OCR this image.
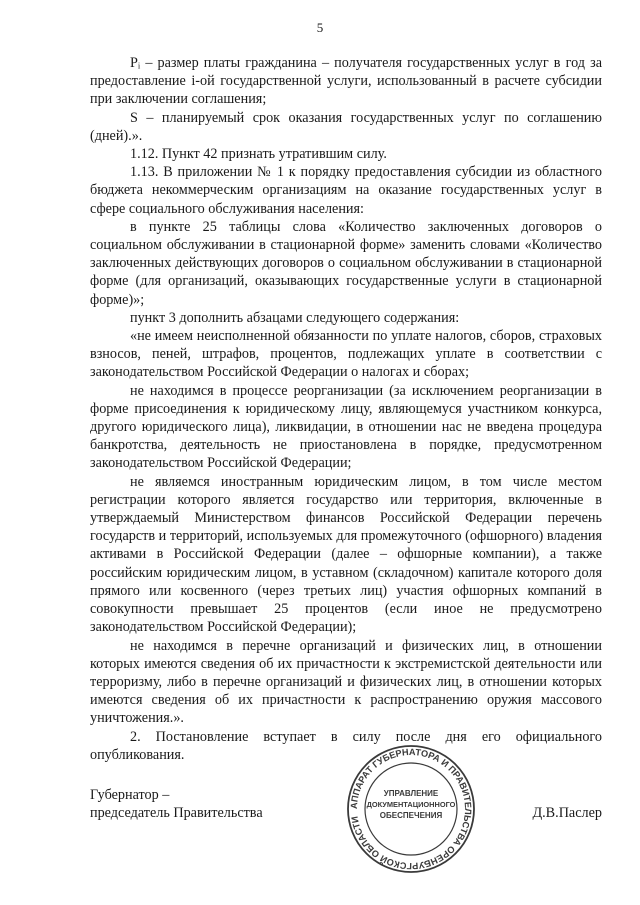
5

Pᵢ – размер платы гражданина – получателя государственных услуг в год за предоставление i-ой государственной услуги, использованный в расчете субсидии при заключении соглашения;

S – планируемый срок оказания государственных услуг по соглашению (дней).».

1.12. Пункт 42 признать утратившим силу.

1.13. В приложении № 1 к порядку предоставления субсидии из областного бюджета некоммерческим организациям на оказание государственных услуг в сфере социального обслуживания населения:

в пункте 25 таблицы слова «Количество заключенных договоров о социальном обслуживании в стационарной форме» заменить словами «Количество заключенных действующих договоров о социальном обслуживании в стационарной форме (для организаций, оказывающих государственные услуги в стационарной форме)»;

пункт 3 дополнить абзацами следующего содержания:

«не имеем неисполненной обязанности по уплате налогов, сборов, страховых взносов, пеней, штрафов, процентов, подлежащих уплате в соответствии с законодательством Российской Федерации о налогах и сборах;

не находимся в процессе реорганизации (за исключением реорганизации в форме присоединения к юридическому лицу, являющемуся участником конкурса, другого юридического лица), ликвидации, в отношении нас не введена процедура банкротства, деятельность не приостановлена в порядке, предусмотренном законодательством Российской Федерации;

не являемся иностранным юридическим лицом, в том числе местом регистрации которого является государство или территория, включенные в утверждаемый Министерством финансов Российской Федерации перечень государств и территорий, используемых для промежуточного (офшорного) владения активами в Российской Федерации (далее – офшорные компании), а также российским юридическим лицом, в уставном (складочном) капитале которого доля прямого или косвенного (через третьих лиц) участия офшорных компаний в совокупности превышает 25 процентов (если иное не предусмотрено законодательством Российской Федерации);

не находимся в перечне организаций и физических лиц, в отношении которых имеются сведения об их причастности к экстремистской деятельности или терроризму, либо в перечне организаций и физических лиц, в отношении которых имеются сведения об их причастности к распространению оружия массового уничтожения.».

2. Постановление вступает в силу после дня его официального опубликования.

Губернатор –
председатель Правительства	Д.В.Паслер
АППАРАТ ГУБЕРНАТОРА И ПРАВИТЕЛЬСТВА ОРЕНБУРГСКОЙ ОБЛАСТИ
УПРАВЛЕНИЕ
ДОКУМЕНТАЦИОННОГО
ОБЕСПЕЧЕНИЯ
